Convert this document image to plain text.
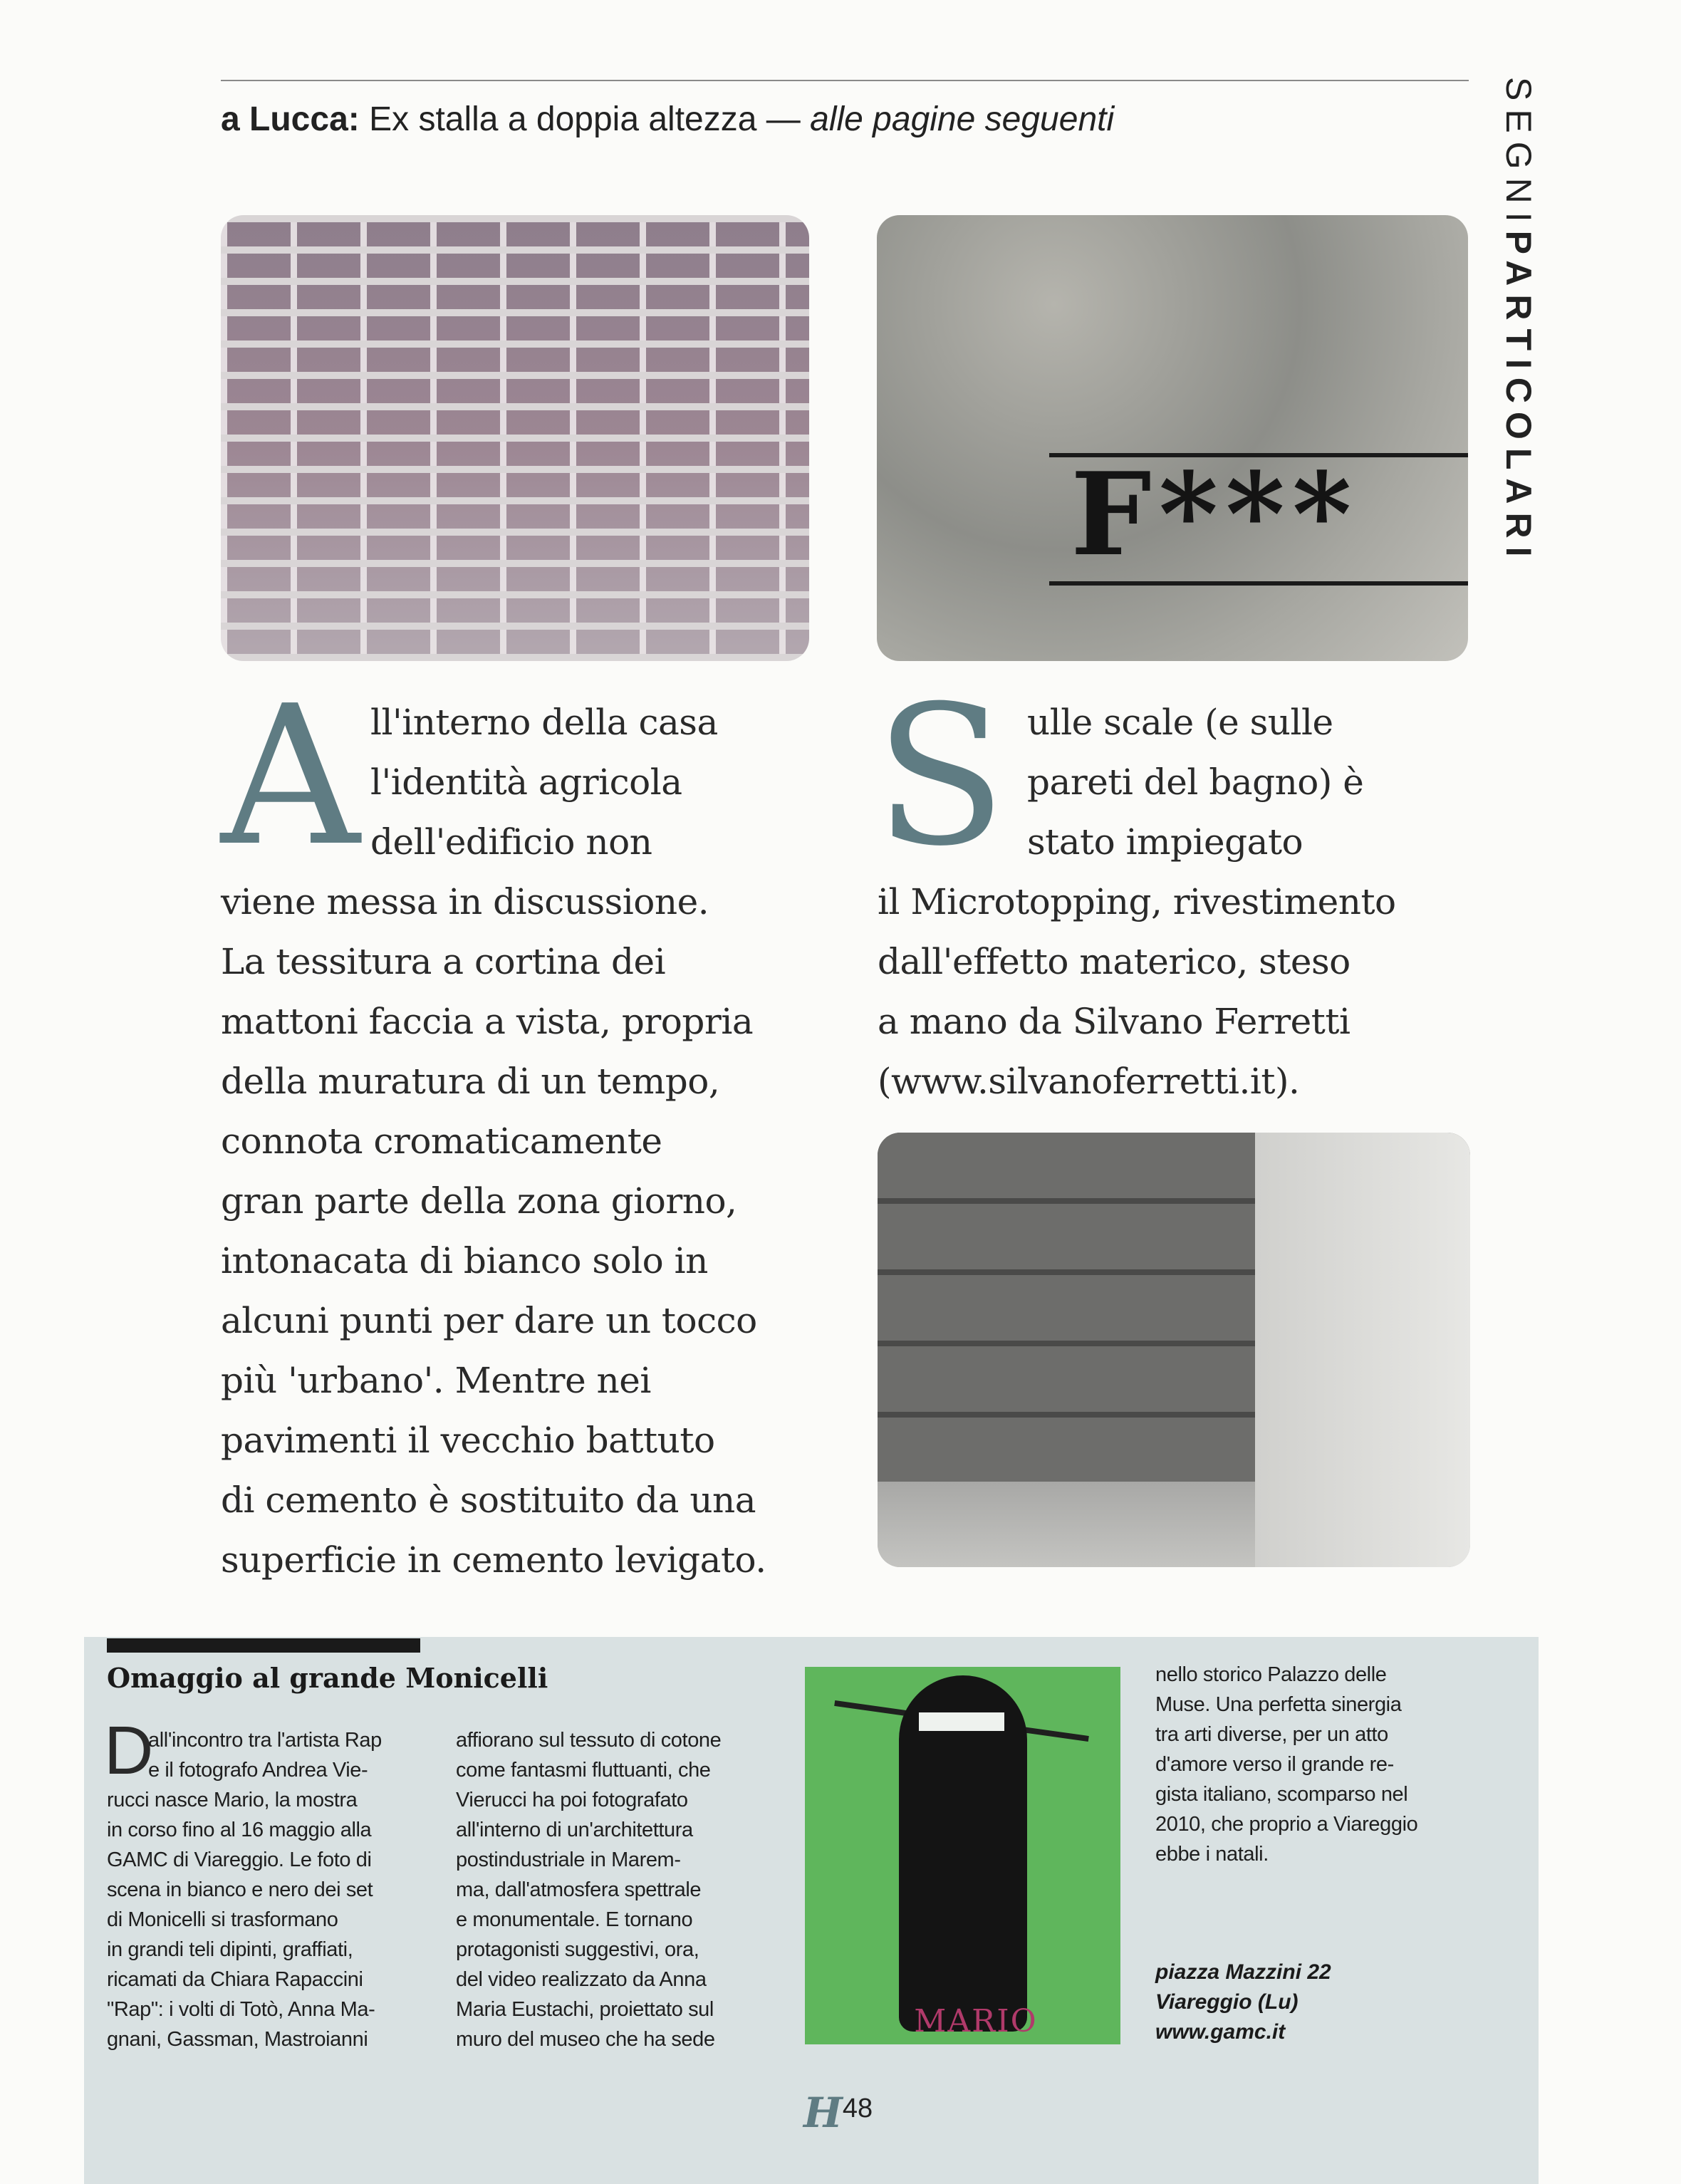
a Lucca: Ex stalla a doppia altezza — alle pagine seguenti	SEGNIPARTICOLARI
F***
A ll'interno della casa
l'identità agricola
dell'edificio non
viene messa in discussione.
La tessitura a cortina dei
mattoni faccia a vista, propria
della muratura di un tempo,
connota cromaticamente
gran parte della zona giorno,
intonacata di bianco solo in
alcuni punti per dare un tocco
più 'urbano'. Mentre nei
pavimenti il vecchio battuto
di cemento è sostituito da una
superficie in cemento levigato.
S ulle scale (e sulle
pareti del bagno) è
stato impiegato
il Microtopping, rivestimento
dall'effetto materico, steso
a mano da Silvano Ferretti
(www.silvanoferretti.it).
Omaggio al grande Monicelli
D
all'incontro tra l'artista Rap
e il fotografo Andrea Vie-
rucci nasce Mario, la mostra
in corso fino al 16 maggio alla
GAMC di Viareggio. Le foto di
scena in bianco e nero dei set
di Monicelli si trasformano
in grandi teli dipinti, graffiati,
ricamati da Chiara Rapaccini
"Rap": i volti di Totò, Anna Ma-
gnani, Gassman, Mastroianni
affiorano sul tessuto di cotone
come fantasmi fluttuanti, che
Vierucci ha poi fotografato
all'interno di un'architettura
postindustriale in Marem-
ma, dall'atmosfera spettrale
e monumentale. E tornano
protagonisti suggestivi, ora,
del video realizzato da Anna
Maria Eustachi, proiettato sul
muro del museo che ha sede	MARIO
nello storico Palazzo delle
Muse. Una perfetta sinergia
tra arti diverse, per un atto
d'amore verso il grande re-
gista italiano, scomparso nel
2010, che proprio a Viareggio
ebbe i natali.
piazza Mazzini 22
Viareggio (Lu)
www.gamc.it
H48
